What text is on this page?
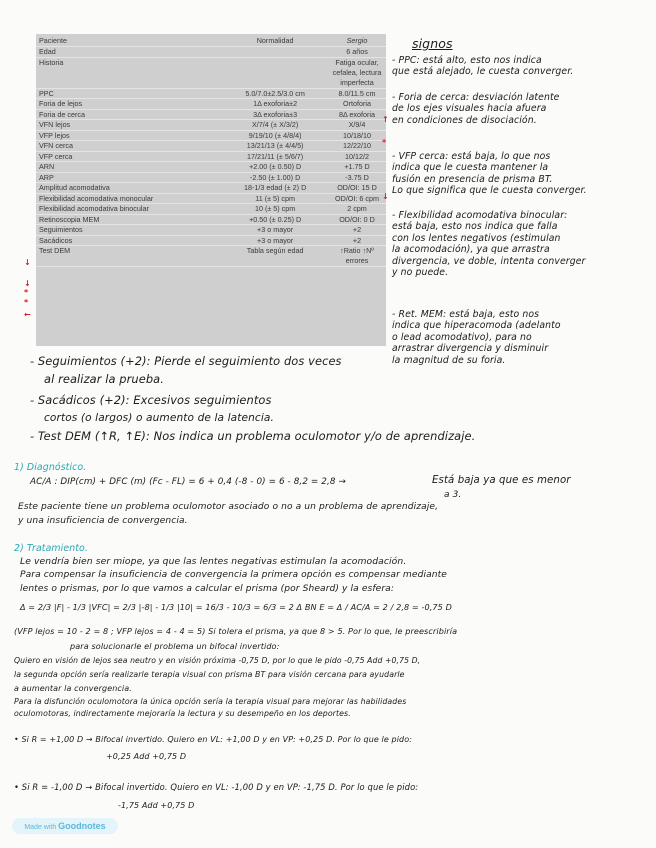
Paciente	Normalidad	Sergio
Edad		6 años
Historia		Fatiga ocular, cefalea, lectura imperfecta
PPC	5.0/7.0±2.5/3.0 cm	8.0/11.5 cm
Foria de lejos	1Δ exoforia±2	Ortoforia
Foria de cerca	3Δ exoforia±3	8Δ exoforia
VFN lejos	X/7/4 (± X/3/2)	X/9/4
VFP lejos	9/19/10 (± 4/8/4)	10/18/10
VFN cerca	13/21/13 (± 4/4/5)	12/22/10
VFP cerca	17/21/11 (± 5/6/7)	10/12/2
ARN	+2.00 (± 0.50) D	+1.75 D
ARP	-2.50 (± 1.00) D	-3.75 D
Amplitud acomodativa	18-1/3 edad (± 2) D	OD/OI: 15 D
Flexibilidad acomodativa monocular	11 (± 5) cpm	OD/OI: 6 cpm
Flexibilidad acomodativa binocular	10 (± 5) cpm	2 cpm
Retinoscopia MEM	+0.50 (± 0.25) D	OD/OI: 0 D
Seguimientos	+3 o mayor	+2
Sacádicos	+3 o mayor	+2
Test DEM	Tabla según edad	↑Ratio ↑Nº errores
↑
*
↓
↓
↓
*
*
←
signos
- PPC: está alto, esto nos indica
que está alejado, le cuesta converger.
- Foria de cerca: desviación latente
de los ejes visuales hacia afuera
en condiciones de disociación.
- VFP cerca: está baja, lo que nos
indica que le cuesta mantener la
fusión en presencia de prisma BT.
Lo que significa que le cuesta converger.
- Flexibilidad acomodativa binocular:
está baja, esto nos indica que falla
con los lentes negativos (estimulan
la acomodación), ya que arrastra
divergencia, ve doble, intenta converger
y no puede.
- Ret. MEM: está baja, esto nos
indica que hiperacomoda (adelanto
o lead acomodativo), para no
arrastrar divergencia y disminuir
la magnitud de su foria.
- Seguimientos (+2): Pierde el seguimiento dos veces
al realizar la prueba.
- Sacádicos (+2): Excesivos seguimientos
cortos (o largos) o aumento de la latencia.
- Test DEM (↑R, ↑E): Nos indica un problema oculomotor y/o de aprendizaje.
1) Diagnóstico.
AC/A : DIP(cm) + DFC (m) (Fc - FL) = 6 + 0,4 (-8 - 0) = 6 - 8,2 = 2,8 →	Está baja ya que es menor
a 3.
Este paciente tiene un problema oculomotor asociado o no a un problema de aprendizaje,
y una insuficiencia de convergencia.
2) Tratamiento.
Le vendría bien ser miope, ya que las lentes negativas estimulan la acomodación.
Para compensar la insuficiencia de convergencia la primera opción es compensar mediante
lentes o prismas, por lo que vamos a calcular el prisma (por Sheard) y la esfera:
Δ = 2/3 |F| - 1/3 |VFC| = 2/3 |-8| - 1/3 |10| = 16/3 - 10/3 = 6/3 = 2 Δ BN E = Δ / AC/A = 2 / 2,8 = -0,75 D
(VFP lejos = 10 - 2 = 8 ; VFP lejos = 4 - 4 = 5) Si tolera el prisma, ya que 8 > 5. Por lo que, le preescribiría
para solucionarle el problema un bifocal invertido:
Quiero en visión de lejos sea neutro y en visión próxima -0,75 D, por lo que le pido -0,75 Add +0,75 D,
la segunda opción sería realizarle terapia visual con prisma BT para visión cercana para ayudarle
a aumentar la convergencia.
Para la disfunción oculomotora la única opción sería la terapia visual para mejorar las habilidades
oculomotoras, indirectamente mejoraría la lectura y su desempeño en los deportes.
• Si R = +1,00 D → Bifocal invertido. Quiero en VL: +1,00 D y en VP: +0,25 D. Por lo que le pido:
+0,25 Add +0,75 D
• Si R = -1,00 D → Bifocal invertido. Quiero en VL: -1,00 D y en VP: -1,75 D. Por lo que le pido:
-1,75 Add +0,75 D
Made with Goodnotes
